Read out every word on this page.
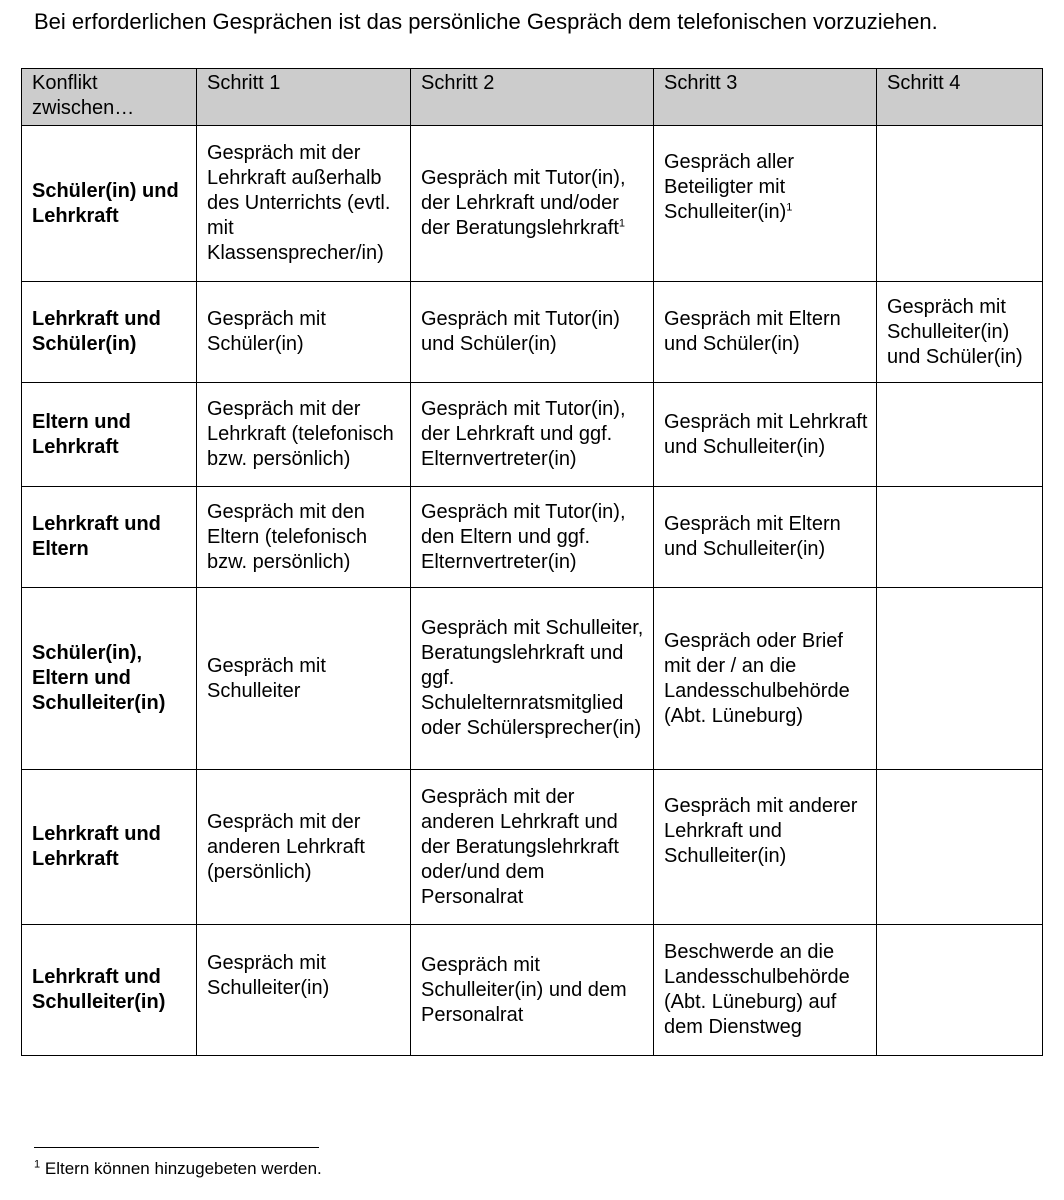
Bei erforderlichen Gesprächen ist das persönliche Gespräch dem telefonischen vorzuziehen.
Konflikt zwischen…	Schritt 1	Schritt 2	Schritt 3	Schritt 4
Schüler(in) und Lehrkraft	Gespräch mit der Lehrkraft außerhalb des Unterrichts (evtl. mit Klassensprecher/in)	Gespräch mit Tutor(in), der Lehrkraft und/oder der Beratungslehrkraft$^1$	Gespräch aller Beteiligter mit Schulleiter(in)$^1$	
Lehrkraft und Schüler(in)	Gespräch mit Schüler(in)	Gespräch mit Tutor(in) und Schüler(in)	Gespräch mit Eltern und Schüler(in)	Gespräch mit Schulleiter(in) und Schüler(in)
Eltern und Lehrkraft	Gespräch mit der Lehrkraft (telefonisch bzw. persönlich)	Gespräch mit Tutor(in), der Lehrkraft und ggf. Elternvertreter(in)	Gespräch mit Lehrkraft und Schulleiter(in)	
Lehrkraft und Eltern	Gespräch mit den Eltern (telefonisch bzw. persönlich)	Gespräch mit Tutor(in), den Eltern und ggf. Elternvertreter(in)	Gespräch mit Eltern und Schulleiter(in)	
Schüler(in), Eltern und Schulleiter(in)	Gespräch mit Schulleiter	Gespräch mit Schulleiter, Beratungslehrkraft und ggf. Schulelternratsmitglied oder Schülersprecher(in)	Gespräch oder Brief mit der / an die Landesschulbehörde (Abt. Lüneburg)	
Lehrkraft und Lehrkraft	Gespräch mit der anderen Lehrkraft (persönlich)	Gespräch mit der anderen Lehrkraft und der Beratungslehrkraft oder/und dem Personalrat	Gespräch mit anderer Lehrkraft und Schulleiter(in)	
Lehrkraft und Schulleiter(in)	Gespräch mit Schulleiter(in)	Gespräch mit Schulleiter(in) und dem Personalrat	Beschwerde an die Landesschulbehörde (Abt. Lüneburg) auf dem Dienstweg	
$^1$ Eltern können hinzugebeten werden.
